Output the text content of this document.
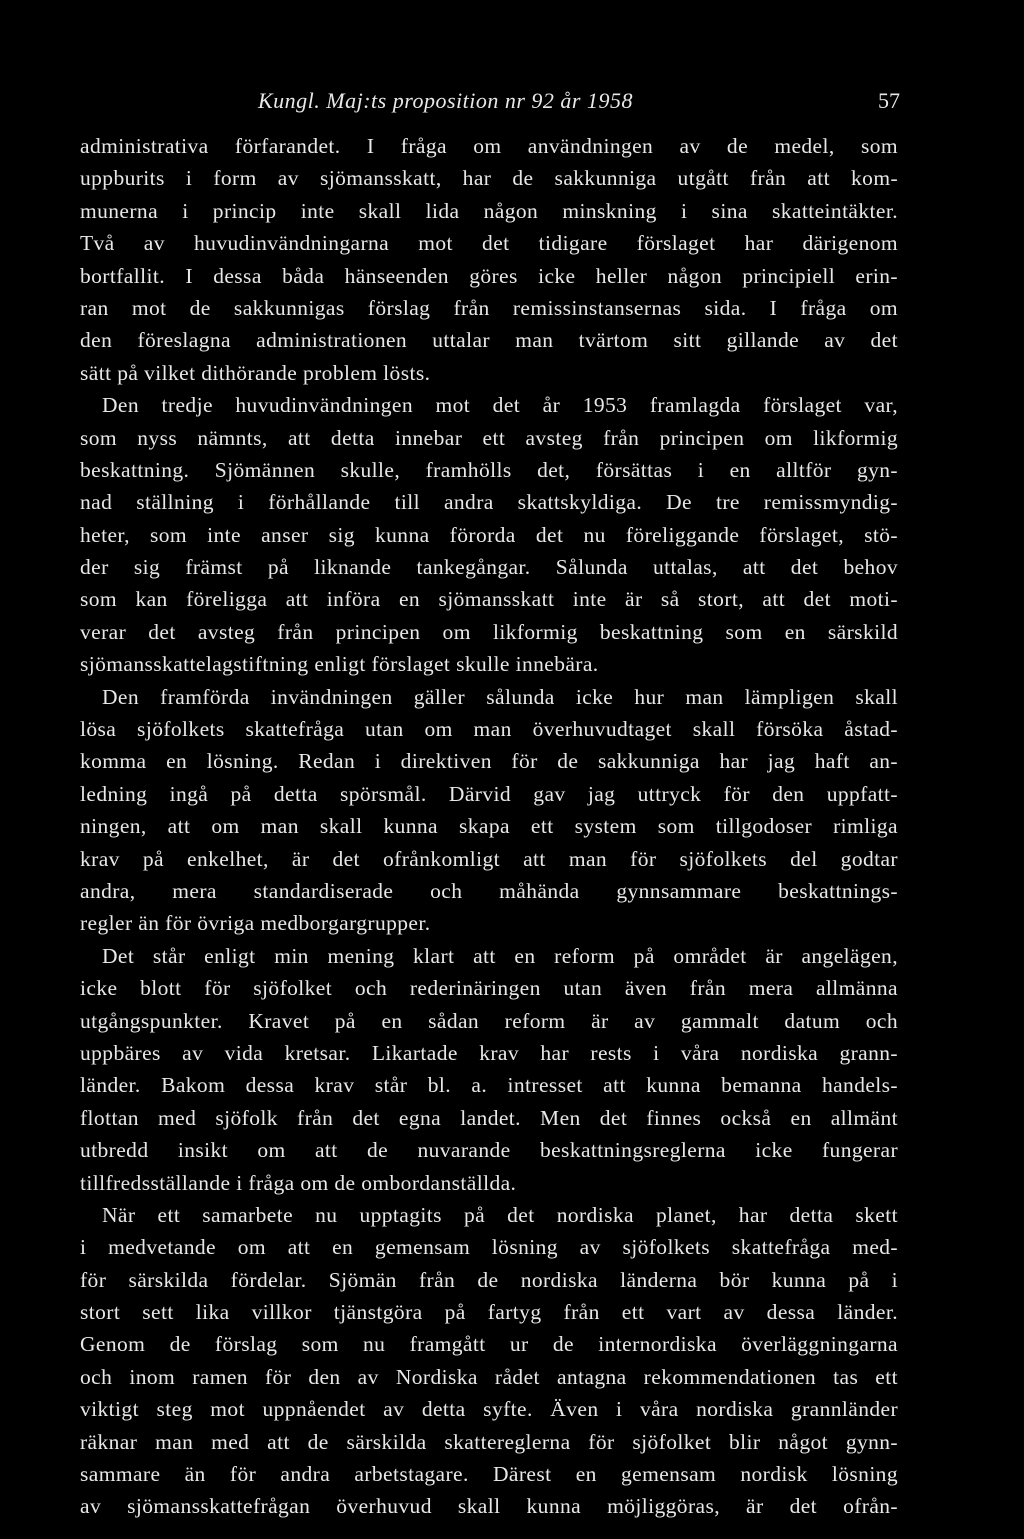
Kungl. Maj:ts proposition nr 92 år 1958	57
administrativa förfarandet. I fråga om användningen av de medel, som
uppburits i form av sjömansskatt, har de sakkunniga utgått från att kom-
munerna i princip inte skall lida någon minskning i sina skatteintäkter.
Två av huvudinvändningarna mot det tidigare förslaget har därigenom
bortfallit. I dessa båda hänseenden göres icke heller någon principiell erin-
ran mot de sakkunnigas förslag från remissinstansernas sida. I fråga om
den föreslagna administrationen uttalar man tvärtom sitt gillande av det
sätt på vilket dithörande problem lösts.
Den tredje huvudinvändningen mot det år 1953 framlagda förslaget var,
som nyss nämnts, att detta innebar ett avsteg från principen om likformig
beskattning. Sjömännen skulle, framhölls det, försättas i en alltför gyn-
nad ställning i förhållande till andra skattskyldiga. De tre remissmyndig-
heter, som inte anser sig kunna förorda det nu föreliggande förslaget, stö-
der sig främst på liknande tankegångar. Sålunda uttalas, att det behov
som kan föreligga att införa en sjömansskatt inte är så stort, att det moti-
verar det avsteg från principen om likformig beskattning som en särskild
sjömansskattelagstiftning enligt förslaget skulle innebära.
Den framförda invändningen gäller sålunda icke hur man lämpligen skall
lösa sjöfolkets skattefråga utan om man överhuvudtaget skall försöka åstad-
komma en lösning. Redan i direktiven för de sakkunniga har jag haft an-
ledning ingå på detta spörsmål. Därvid gav jag uttryck för den uppfatt-
ningen, att om man skall kunna skapa ett system som tillgodoser rimliga
krav på enkelhet, är det ofrånkomligt att man för sjöfolkets del godtar
andra, mera standardiserade och måhända gynnsammare beskattnings-
regler än för övriga medborgargrupper.
Det står enligt min mening klart att en reform på området är angelägen,
icke blott för sjöfolket och rederinäringen utan även från mera allmänna
utgångspunkter. Kravet på en sådan reform är av gammalt datum och
uppbäres av vida kretsar. Likartade krav har rests i våra nordiska grann-
länder. Bakom dessa krav står bl. a. intresset att kunna bemanna handels-
flottan med sjöfolk från det egna landet. Men det finnes också en allmänt
utbredd insikt om att de nuvarande beskattningsreglerna icke fungerar
tillfredsställande i fråga om de ombordanställda.
När ett samarbete nu upptagits på det nordiska planet, har detta skett
i medvetande om att en gemensam lösning av sjöfolkets skattefråga med-
för särskilda fördelar. Sjömän från de nordiska länderna bör kunna på i
stort sett lika villkor tjänstgöra på fartyg från ett vart av dessa länder.
Genom de förslag som nu framgått ur de internordiska överläggningarna
och inom ramen för den av Nordiska rådet antagna rekommendationen tas ett
viktigt steg mot uppnåendet av detta syfte. Även i våra nordiska grannländer
räknar man med att de särskilda skattereglerna för sjöfolket blir något gynn-
sammare än för andra arbetstagare. Därest en gemensam nordisk lösning
av sjömansskattefrågan överhuvud skall kunna möjliggöras, är det ofrån-
